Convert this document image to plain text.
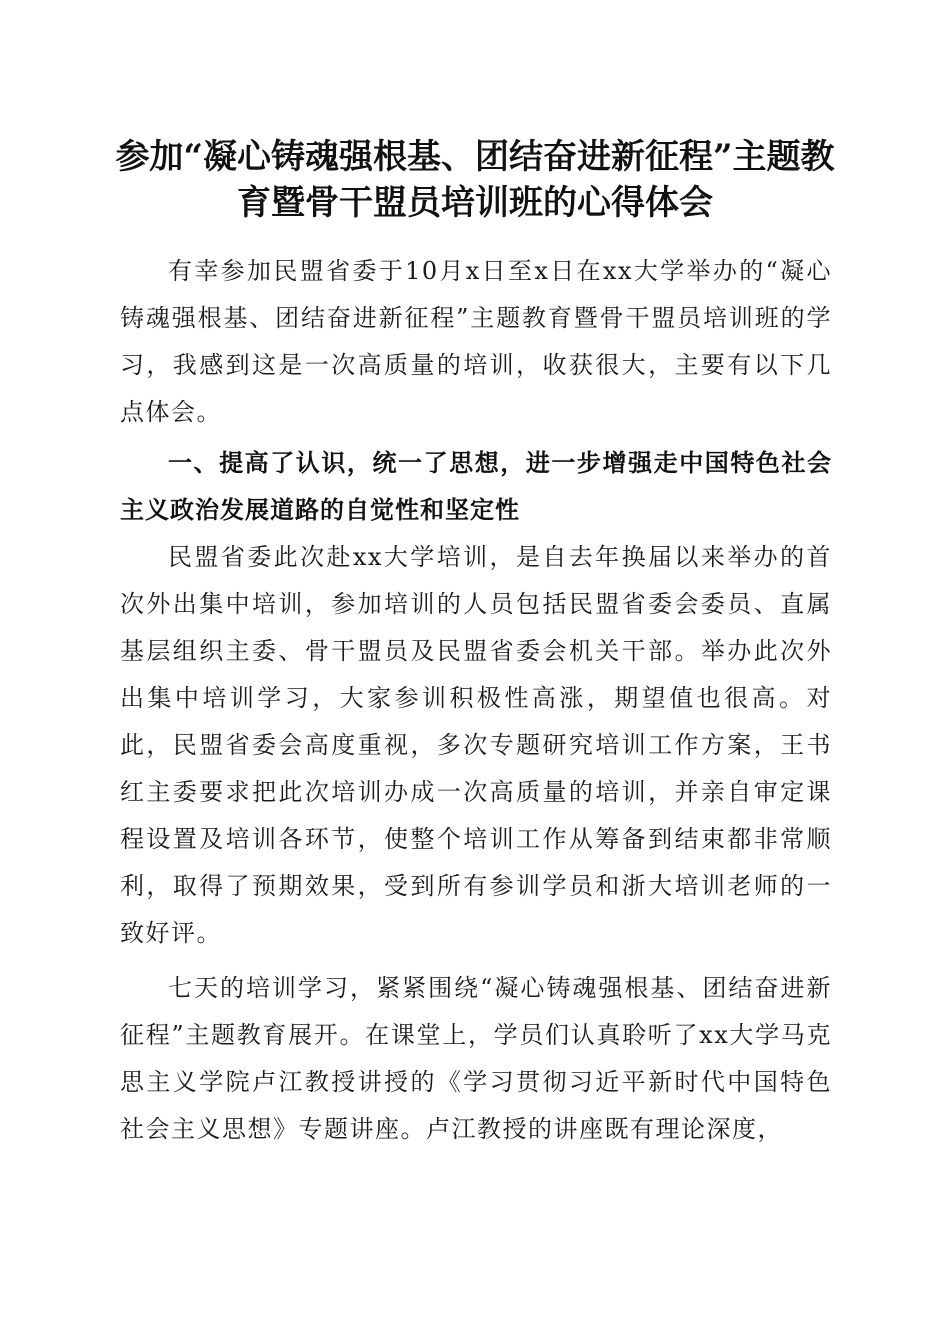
参加“凝心铸魂强根基、团结奋进新征程”主题教育暨骨干盟员培训班的心得体会

有幸参加民盟省委于10月x日至x日在xx大学举办的“凝心铸魂强根基、团结奋进新征程”主题教育暨骨干盟员培训班的学习，我感到这是一次高质量的培训，收获很大，主要有以下几点体会。

一、提高了认识，统一了思想，进一步增强走中国特色社会主义政治发展道路的自觉性和坚定性

民盟省委此次赴xx大学培训，是自去年换届以来举办的首次外出集中培训，参加培训的人员包括民盟省委会委员、直属基层组织主委、骨干盟员及民盟省委会机关干部。举办此次外出集中培训学习，大家参训积极性高涨，期望值也很高。对此，民盟省委会高度重视，多次专题研究培训工作方案，王书红主委要求把此次培训办成一次高质量的培训，并亲自审定课程设置及培训各环节，使整个培训工作从筹备到结束都非常顺利，取得了预期效果，受到所有参训学员和浙大培训老师的一致好评。

七天的培训学习，紧紧围绕“凝心铸魂强根基、团结奋进新征程”主题教育展开。在课堂上，学员们认真聆听了xx大学马克思主义学院卢江教授讲授的《学习贯彻习近平新时代中国特色社会主义思想》专题讲座。卢江教授的讲座既有理论深度，
